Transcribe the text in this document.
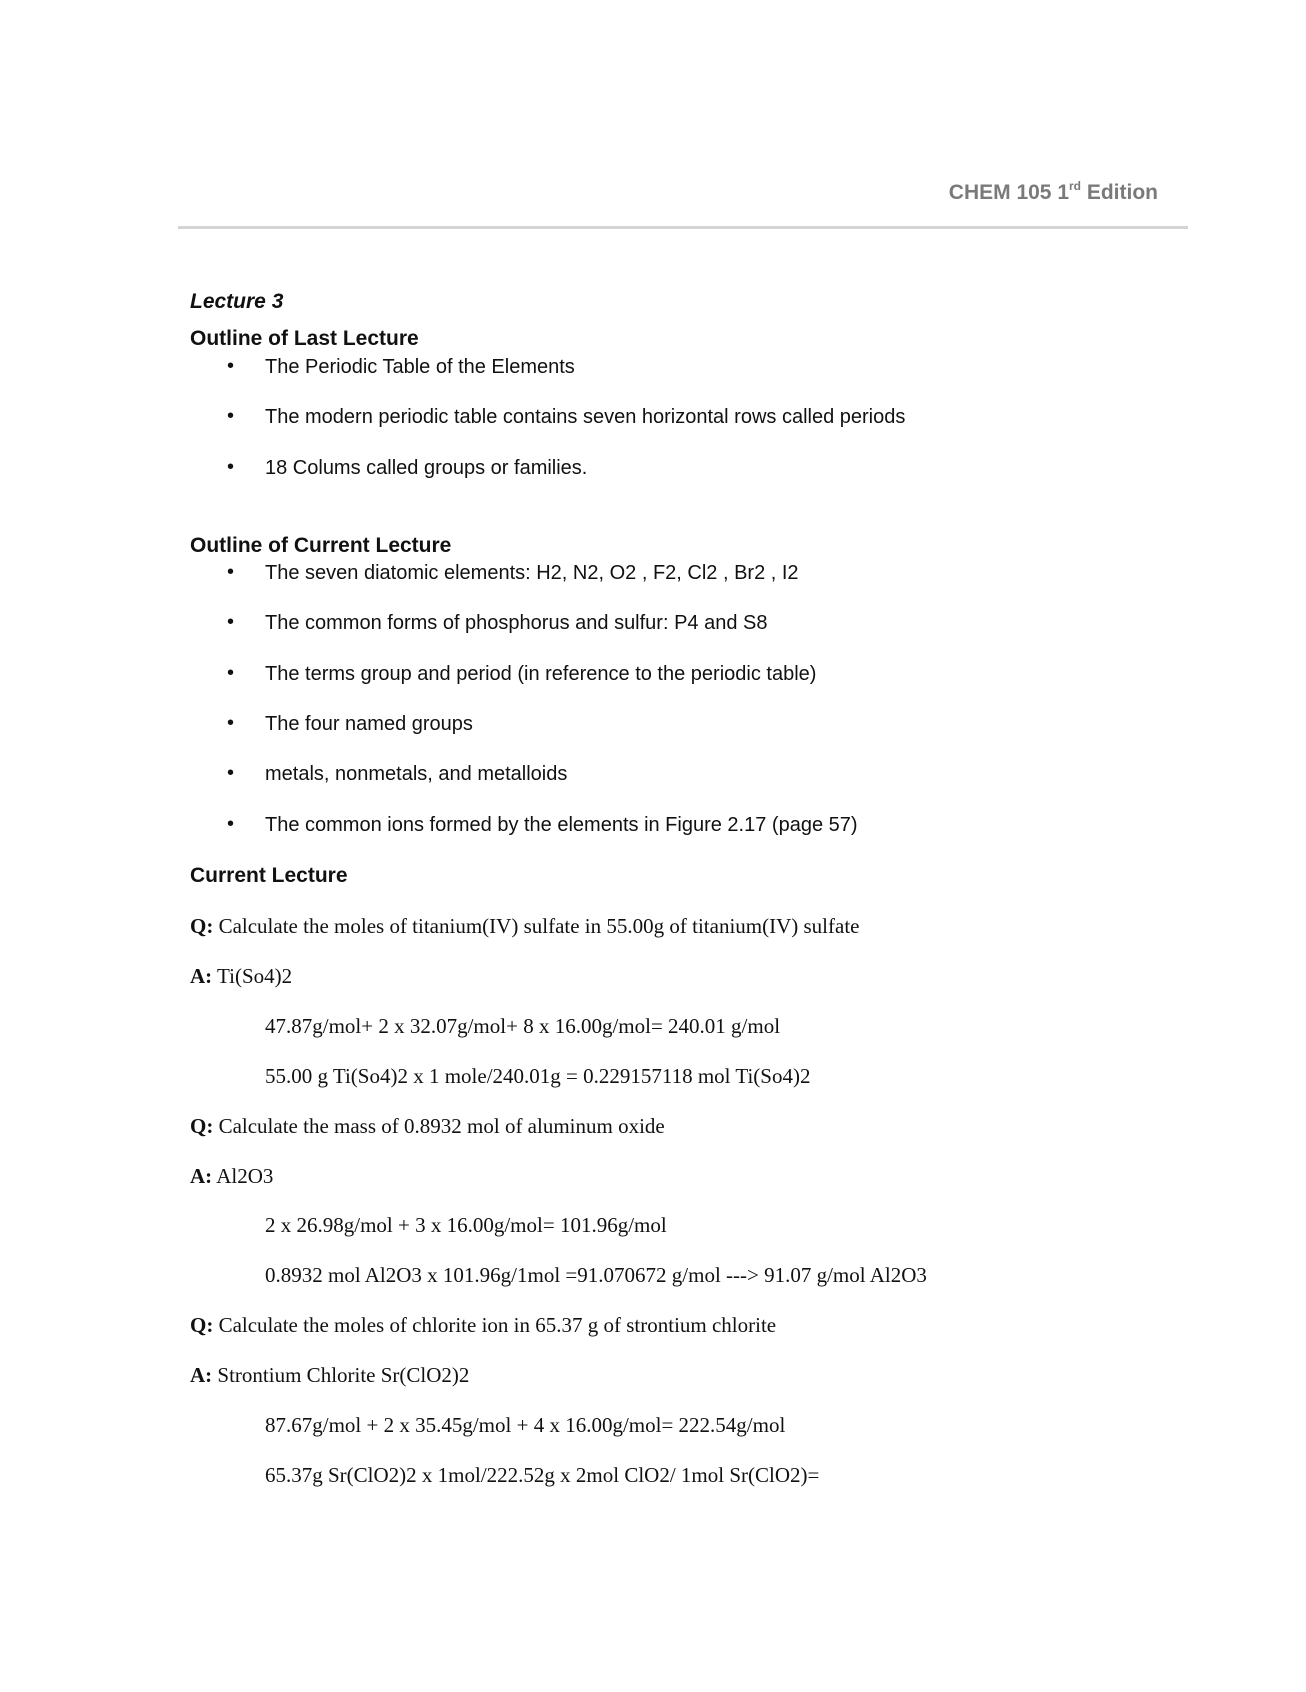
CHEM 105 1rd Edition
Lecture 3
Outline of Last Lecture
• The Periodic Table of the Elements
• The modern periodic table contains seven horizontal rows called periods
• 18 Colums called groups or families.
Outline of Current Lecture
• The seven diatomic elements: H2, N2, O2 , F2, Cl2 , Br2 , I2
• The common forms of phosphorus and sulfur: P4 and S8
• The terms group and period (in reference to the periodic table)
• The four named groups
• metals, nonmetals, and metalloids
• The common ions formed by the elements in Figure 2.17 (page 57)
Current Lecture
Q: Calculate the moles of titanium(IV) sulfate in 55.00g of titanium(IV) sulfate
A: Ti(So4)2
47.87g/mol+ 2 x 32.07g/mol+ 8 x 16.00g/mol= 240.01 g/mol
55.00 g Ti(So4)2 x 1 mole/240.01g = 0.229157118 mol Ti(So4)2
Q: Calculate the mass of 0.8932 mol of aluminum oxide
A: Al2O3
2 x 26.98g/mol + 3 x 16.00g/mol= 101.96g/mol
0.8932 mol Al2O3 x 101.96g/1mol =91.070672 g/mol ---> 91.07 g/mol Al2O3
Q: Calculate the moles of chlorite ion in 65.37 g of strontium chlorite
A: Strontium Chlorite Sr(ClO2)2
87.67g/mol + 2 x 35.45g/mol + 4 x 16.00g/mol= 222.54g/mol
65.37g Sr(ClO2)2 x 1mol/222.52g x 2mol ClO2/ 1mol Sr(ClO2)=
